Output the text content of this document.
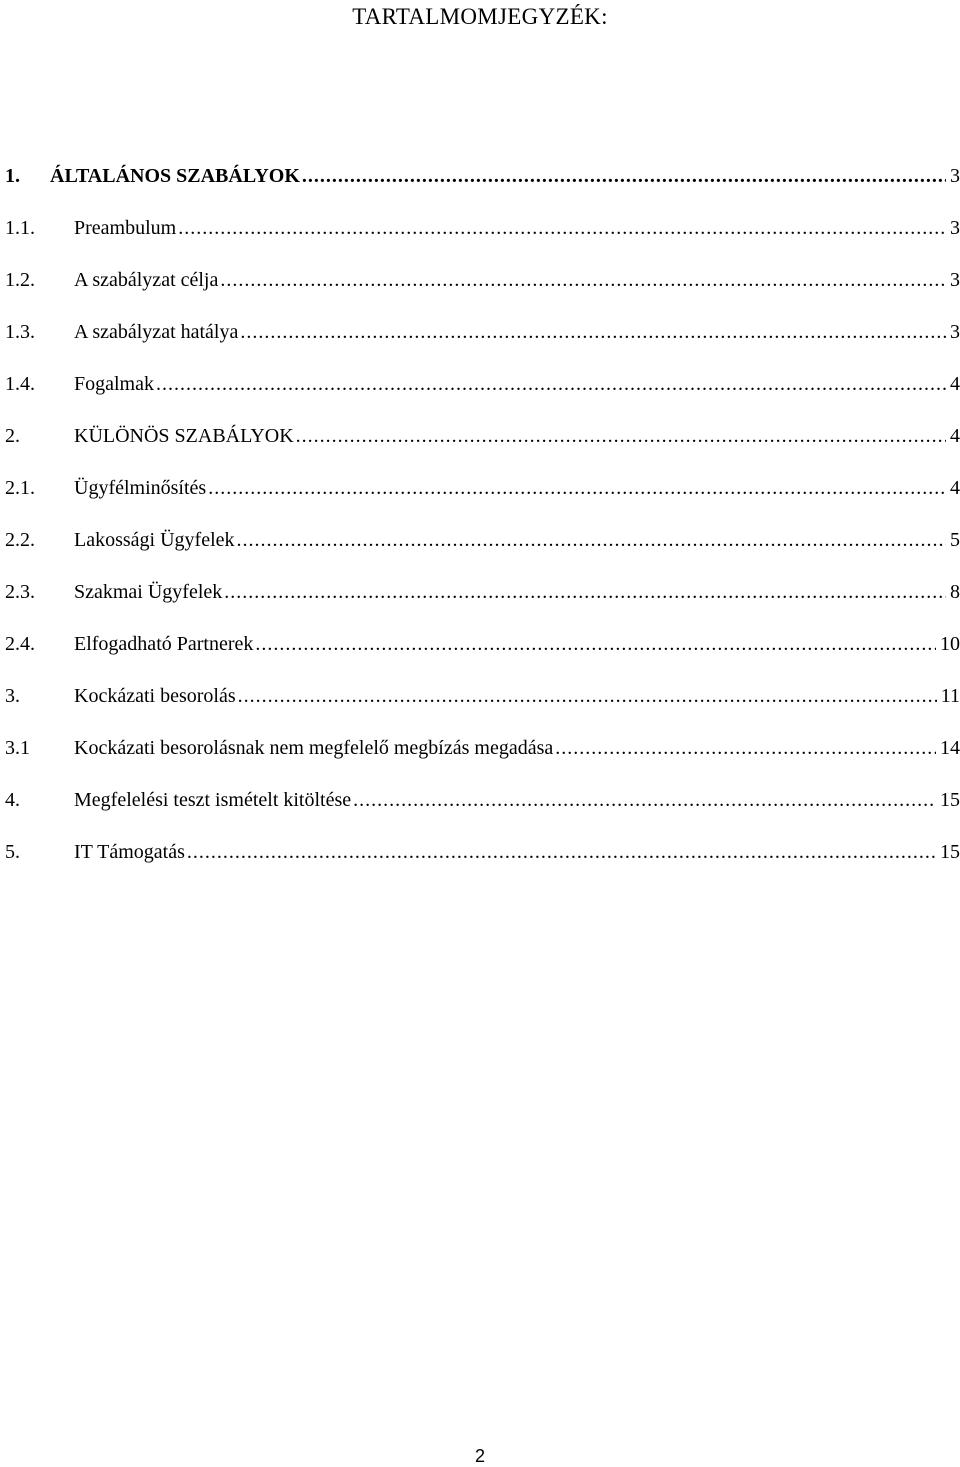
TARTALMOMJEGYZÉK:
1.	ÁLTALÁNOS SZABÁLYOK .....	3
1.1.	Preambulum .....	3
1.2.	A szabályzat célja .....	3
1.3.	A szabályzat hatálya .....	3
1.4.	Fogalmak .....	4
2.	KÜLÖNÖS SZABÁLYOK .....	4
2.1.	Ügyfélminősítés .....	4
2.2.	Lakossági Ügyfelek .....	5
2.3.	Szakmai Ügyfelek .....	8
2.4.	Elfogadható Partnerek .....	10
3.	Kockázati besorolás .....	11
3.1	Kockázati besorolásnak nem megfelelő megbízás megadása .....	14
4.	Megfelelési teszt ismételt kitöltése .....	15
5.	IT Támogatás .....	15
2
